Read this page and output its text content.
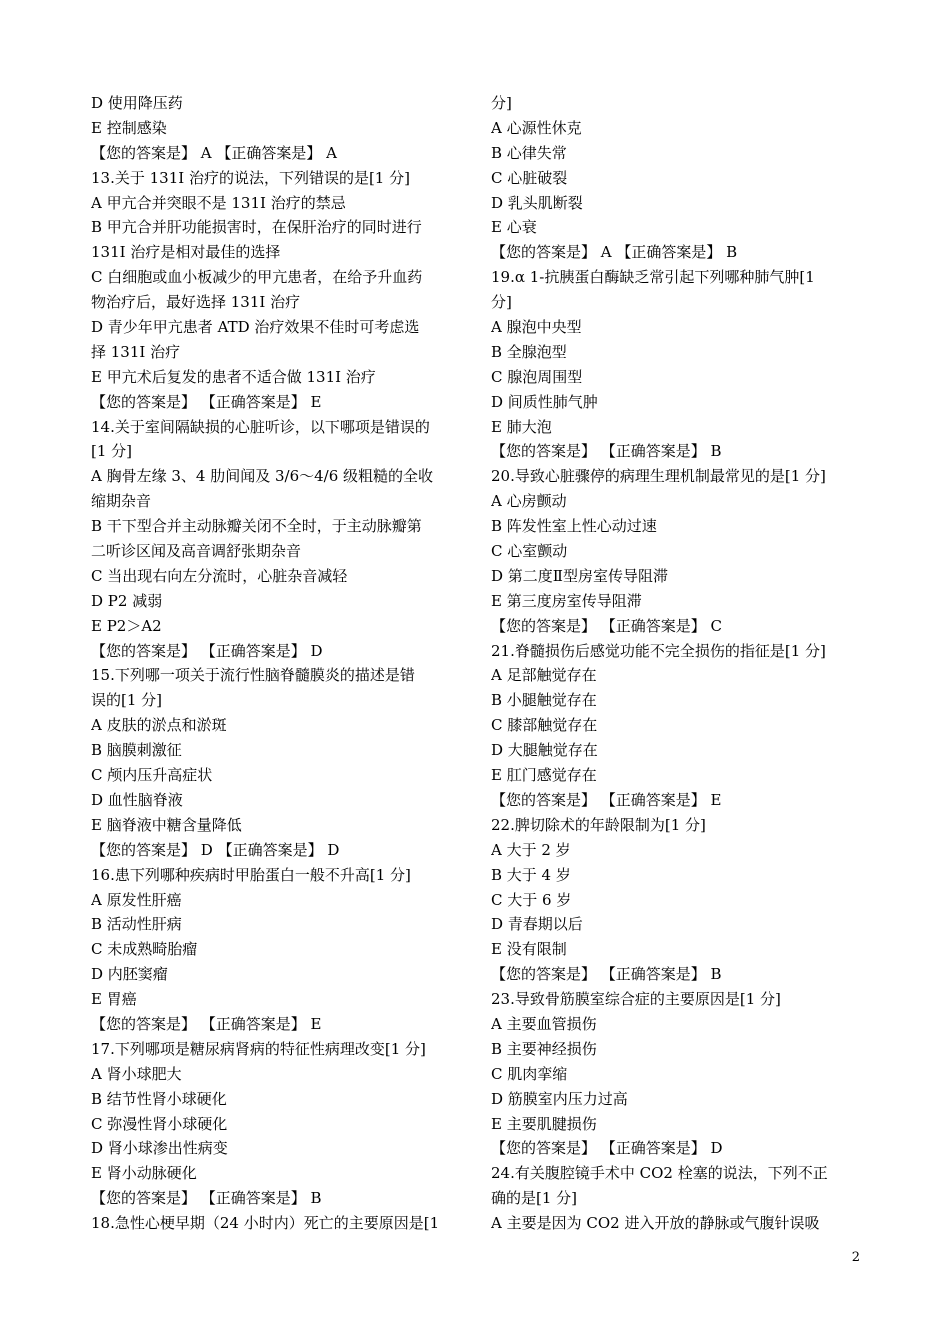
D 使用降压药
E 控制感染
【您的答案是】 A 【正确答案是】 A
13.关于 131I 治疗的说法，下列错误的是[1 分]
A 甲亢合并突眼不是 131I 治疗的禁忌
B 甲亢合并肝功能损害时，在保肝治疗的同时进行
131I 治疗是相对最佳的选择
C 白细胞或血小板减少的甲亢患者，在给予升血药
物治疗后，最好选择 131I 治疗
D 青少年甲亢患者 ATD 治疗效果不佳时可考虑选
择 131I 治疗
E 甲亢术后复发的患者不适合做 131I 治疗
【您的答案是】 【正确答案是】 E
14.关于室间隔缺损的心脏听诊，以下哪项是错误的
[1 分]
A 胸骨左缘 3、4 肋间闻及 3/6～4/6 级粗糙的全收
缩期杂音
B 干下型合并主动脉瓣关闭不全时，于主动脉瓣第
二听诊区闻及高音调舒张期杂音
C 当出现右向左分流时，心脏杂音减轻
D P2 减弱
E P2＞A2
【您的答案是】 【正确答案是】 D
15.下列哪一项关于流行性脑脊髓膜炎的描述是错
误的[1 分]
A 皮肤的淤点和淤斑
B 脑膜刺激征
C 颅内压升高症状
D 血性脑脊液
E 脑脊液中糖含量降低
【您的答案是】 D 【正确答案是】 D
16.患下列哪种疾病时甲胎蛋白一般不升高[1 分]
A 原发性肝癌
B 活动性肝病
C 未成熟畸胎瘤
D 内胚窦瘤
E 胃癌
【您的答案是】 【正确答案是】 E
17.下列哪项是糖尿病肾病的特征性病理改变[1 分]
A 肾小球肥大
B 结节性肾小球硬化
C 弥漫性肾小球硬化
D 肾小球渗出性病变
E 肾小动脉硬化
【您的答案是】 【正确答案是】 B
18.急性心梗早期（24 小时内）死亡的主要原因是[1
分]
A 心源性休克
B 心律失常
C 心脏破裂
D 乳头肌断裂
E 心衰
【您的答案是】 A 【正确答案是】 B
19.α 1-抗胰蛋白酶缺乏常引起下列哪种肺气肿[1
分]
A 腺泡中央型
B 全腺泡型
C 腺泡周围型
D 间质性肺气肿
E 肺大泡
【您的答案是】 【正确答案是】 B
20.导致心脏骤停的病理生理机制最常见的是[1 分]
A 心房颤动
B 阵发性室上性心动过速
C 心室颤动
D 第二度Ⅱ型房室传导阻滞
E 第三度房室传导阻滞
【您的答案是】 【正确答案是】 C
21.脊髓损伤后感觉功能不完全损伤的指征是[1 分]
A 足部触觉存在
B 小腿触觉存在
C 膝部触觉存在
D 大腿触觉存在
E 肛门感觉存在
【您的答案是】 【正确答案是】 E
22.脾切除术的年龄限制为[1 分]
A 大于 2 岁
B 大于 4 岁
C 大于 6 岁
D 青春期以后
E 没有限制
【您的答案是】 【正确答案是】 B
23.导致骨筋膜室综合症的主要原因是[1 分]
A 主要血管损伤
B 主要神经损伤
C 肌肉挛缩
D 筋膜室内压力过高
E 主要肌腱损伤
【您的答案是】 【正确答案是】 D
24.有关腹腔镜手术中 CO2 栓塞的说法，下列不正
确的是[1 分]
A 主要是因为 CO2 进入开放的静脉或气腹针误吸
2
